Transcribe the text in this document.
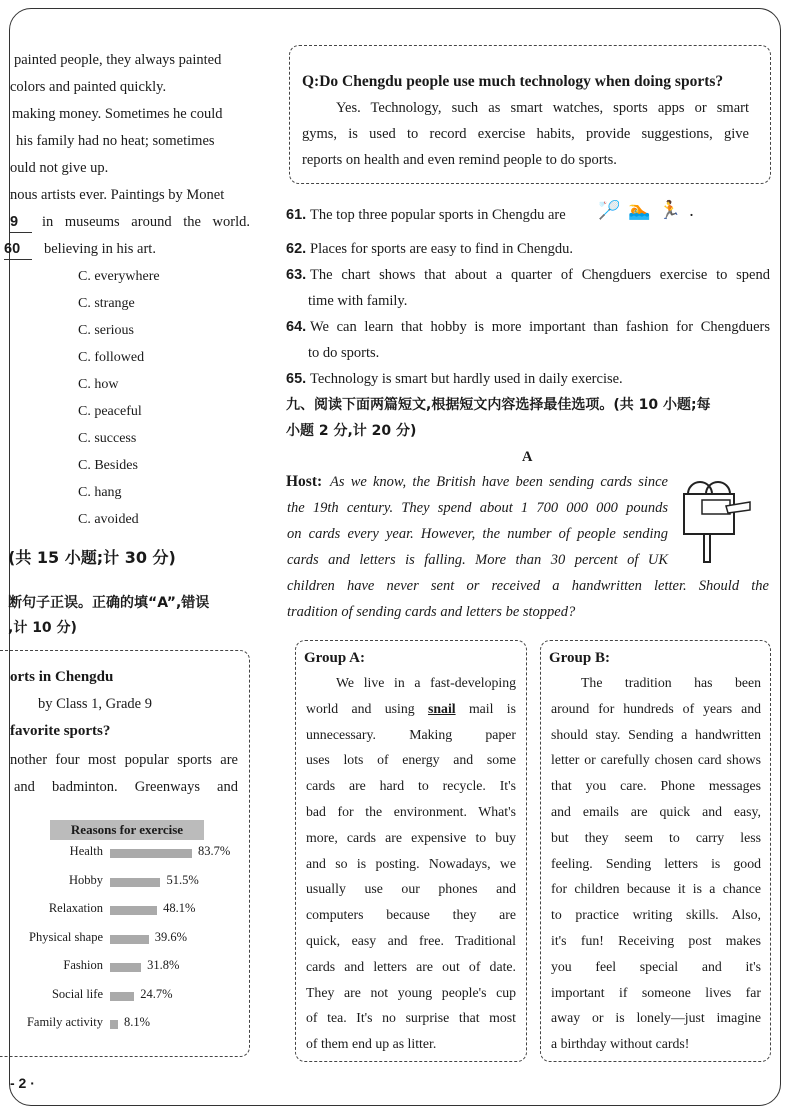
painted people, they always painted
colors and painted quickly.
making money. Sometimes he could
his family had no heat; sometimes
ould not give up.
nous artists ever. Paintings by Monet
9	in museums around the world.
60	believing in his art.
C. everywhere
C. strange
C. serious
C. followed
C. how
C. peaceful
C. success
C. Besides
C. hang
C. avoided
(共 15 小题;计 30 分)
断句子正误。正确的填“A”,错误
,计 10 分)
orts in Chengdu
by Class 1, Grade 9
favorite sports?
nother four most popular sports are
and badminton. Greenways and
Reasons for exercise
Health	83.7%
Hobby	51.5%
Relaxation	48.1%
Physical shape	39.6%
Fashion	31.8%
Social life	24.7%
Family activity 8.1%
- 2 ·
Q:Do Chengdu people use much technology when doing sports?
Yes. Technology, such as smart watches, sports apps or smart
gyms, is used to record exercise habits, provide suggestions, give
reports on health and even remind people to do sports.
61. The top three popular sports in Chengdu are
62. Places for sports are easy to find in Chengdu.
63. The chart shows that about a quarter of Chengduers exercise to spend
time with family.
64. We can learn that hobby is more important than fashion for Chengduers
to do sports.
65. Technology is smart but hardly used in daily exercise.
🏸🏊🏃.
九、阅读下面两篇短文,根据短文内容选择最佳选项。(共 10 小题;每
小题 2 分,计 20 分)
A
Host: As we know, the British have been sending cards since
the 19th century. They spend about 1 700 000 000 pounds
on cards every year. However, the number of people sending
cards and letters is falling. More than 30 percent of UK
children have never sent or received a handwritten letter. Should the
tradition of sending cards and letters be stopped?
Group A:	Group B:
We live in a fast-developing
world and using snail mail is
unnecessary. Making paper
uses lots of energy and some
cards are hard to recycle. It's
bad for the environment. What's
more, cards are expensive to buy
and so is posting. Nowadays, we
usually use our phones and
computers because they are
quick, easy and free. Traditional
cards and letters are out of date.
They are not young people's cup
of tea. It's no surprise that most
of them end up as litter.
The tradition has been
around for hundreds of years and
should stay. Sending a handwritten
letter or carefully chosen card shows
that you care. Phone messages
and emails are quick and easy,
but they seem to carry less
feeling. Sending letters is good
for children because it is a chance
to practice writing skills. Also,
it's fun! Receiving post makes
you feel special and it's
important if someone lives far
away or is lonely—just imagine
a birthday without cards!
